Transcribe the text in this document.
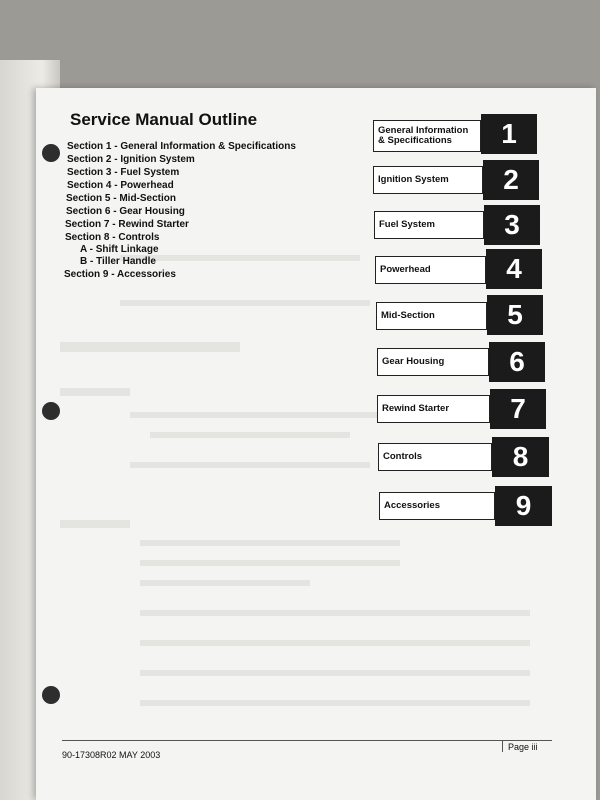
Service Manual Outline
Section 1 - General Information & Specifications
Section 2 - Ignition System
Section 3 - Fuel System
Section 4 - Powerhead
Section 5 - Mid-Section
Section 6 - Gear Housing
Section 7 - Rewind Starter
Section 8 - Controls
A - Shift Linkage
B - Tiller Handle
Section 9 - Accessories
General Information
& Specifications	1
Ignition System	2
Fuel System	3
Powerhead	4
Mid-Section	5
Gear Housing	6
Rewind Starter	7
Controls	8
Accessories	9
90-17308R02 MAY 2003
Page iii
